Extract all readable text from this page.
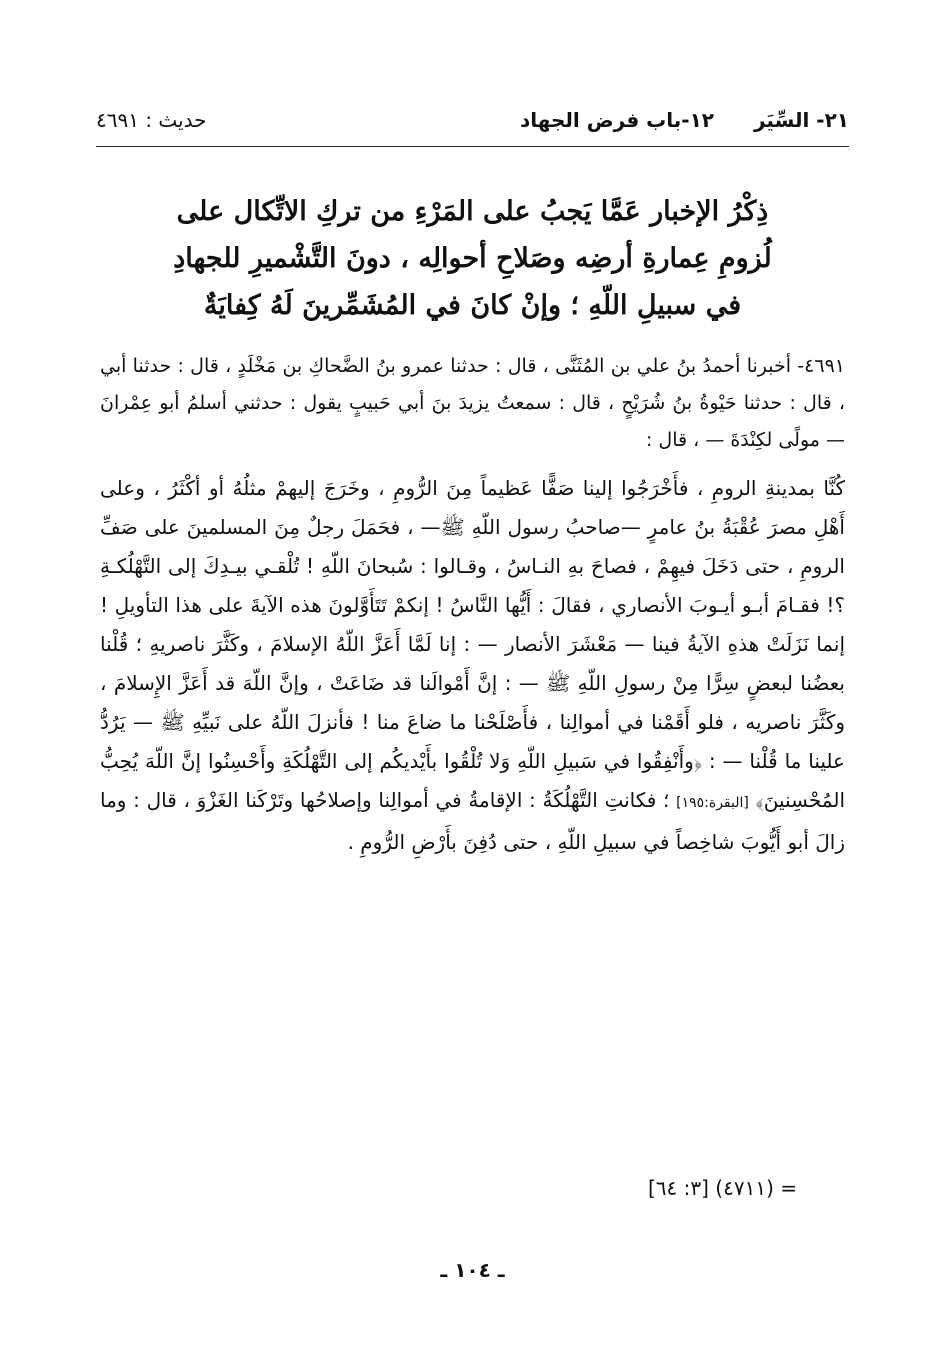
٢١- السِّيَر١٢-باب فرض الجهاد
حديث : ٤٦٩١
ذِكْرُ الإخبار عَمَّا يَجبُ على المَرْءِ من تركِ الاتِّكال على
لُزومِ عِمارةِ أرضِه وصَلاحِ أحوالِه ، دونَ التَّشْميرِ للجهادِ
في سبيلِ اللّهِ ؛ وإنْ كانَ في المُشَمِّرينَ لَهُ كِفايَةٌ

٤٦٩١- أخبرنا أحمدُ بنُ علي بن المُثَنَّى ، قال : حدثنا عمرو بنُ الضَّحاكِ بن مَخْلَدٍ ، قال : حدثنا أبي ، قال : حدثنا حَيْوةُ بنُ شُرَيْحٍ ، قال : سمعتُ يزيدَ بنَ أبي حَبيبٍ يقول : حدثني أسلمُ أبو عِمْرانَ — مولًى لكِنْدَةَ — ، قال :

كُنَّا بمدينةِ الرومِ ، فأَخْرَجُوا إلينا صَفًّا عَظيماً مِنَ الرُّومِ ، وخَرَجَ إليهمْ مثلُهُ أو أكْثَرُ ، وعلى أَهْلِ مصرَ عُقْبَةُ بنُ عامرٍ —صاحبُ رسول اللّهِ ﷺ— ، فحَمَلَ رجلٌ مِنَ المسلمينَ على صَفِّ الرومِ ، حتى دَخَلَ فيهِمْ ، فصاحَ بهِ النـاسُ ، وقـالوا : سُبحانَ اللّهِ ! تُلْقـي بيـدِكَ إلى التَّهْلُكـةِ ؟! فقـامَ أبـو أيـوبَ الأنصاري ، فقالَ : أَيُّها النَّاسُ ! إنكمْ تَتَأَوَّلونَ هذه الآيةَ على هذا التأويلِ ! إنما نَزَلَتْ هذهِ الآيةُ فينا — مَعْشَرَ الأنصار — : إنا لَمَّا أَعَزَّ اللّهُ الإسلامَ ، وكَثَّرَ ناصريهِ ؛ قُلْنا بعضُنا لبعضٍ سِرًّا مِنْ رسولِ اللّهِ ﷺ — : إنَّ أَمْوالَنا قد ضَاعَتْ ، وإنَّ اللّهَ قد أَعَزَّ الإِسلامَ ، وكَثَّرَ ناصريه ، فلو أَقَمْنا في أموالِنا ، فأَصْلَحْنا ما ضاعَ منا ! فأنزلَ اللّهُ على نَبيِّهِ ﷺ — يَرُدُّ علينا ما قُلْنا — : ﴿وأَنْفِقُوا في سَبيلِ اللّهِ وَلا تُلْقُوا بأَيْديكُم إلى التَّهْلُكَةِ وأَحْسِنُوا إنَّ اللّهَ يُحِبُّ المُحْسِنينَ﴾ [البقرة:١٩٥] ؛ فكانتِ التَّهْلُكَةُ : الإقامةُ في أموالِنا وإصلاحُها وتَرْكَنا الغَزْوَ ، قال : وما زالَ أبو أَيُّوبَ شاخِصاً في سبيلِ اللّهِ ، حتى دُفِنَ بأَرْضِ الرُّومِ .

= (٤٧١١) [٣: ٦٤]
ـ ١٠٤ ـ
